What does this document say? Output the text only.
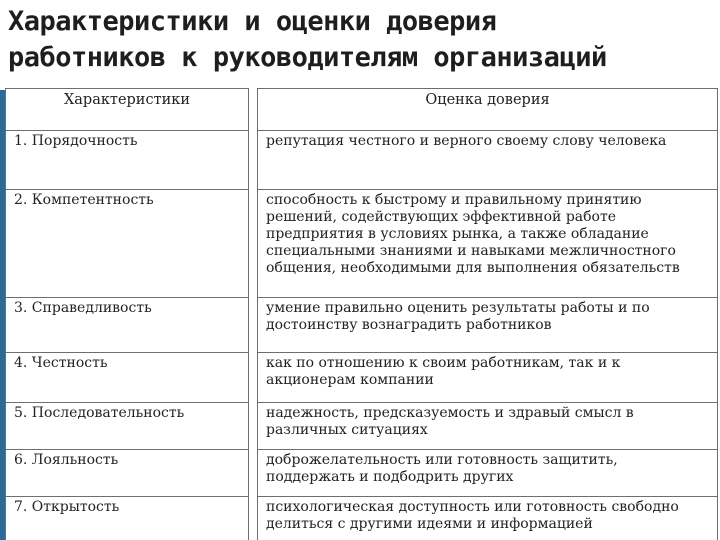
Характеристики и оценки доверия
работников к руководителям организаций
Характеристики		Оценка доверия
1. Порядочность		репутация честного и верного своему слову человека
2. Компетентность		способность к быстрому и правильному принятию решений, содействующих эффективной работе предприятия в условиях рынка, а также обладание специальными знаниями и навыками межличностного общения, необходимыми для выполнения обязательств
3. Справедливость		умение правильно оценить результаты работы и по достоинству вознаградить работников
4. Честность		как по отношению к своим работникам, так и к акционерам компании
5. Последовательность		надежность, предсказуемость и здравый смысл в различных ситуациях
6. Лояльность		доброжелательность или готовность защитить, поддержать и подбодрить других
7. Открытость		психологическая доступность или готовность свободно делиться с другими идеями и информацией
